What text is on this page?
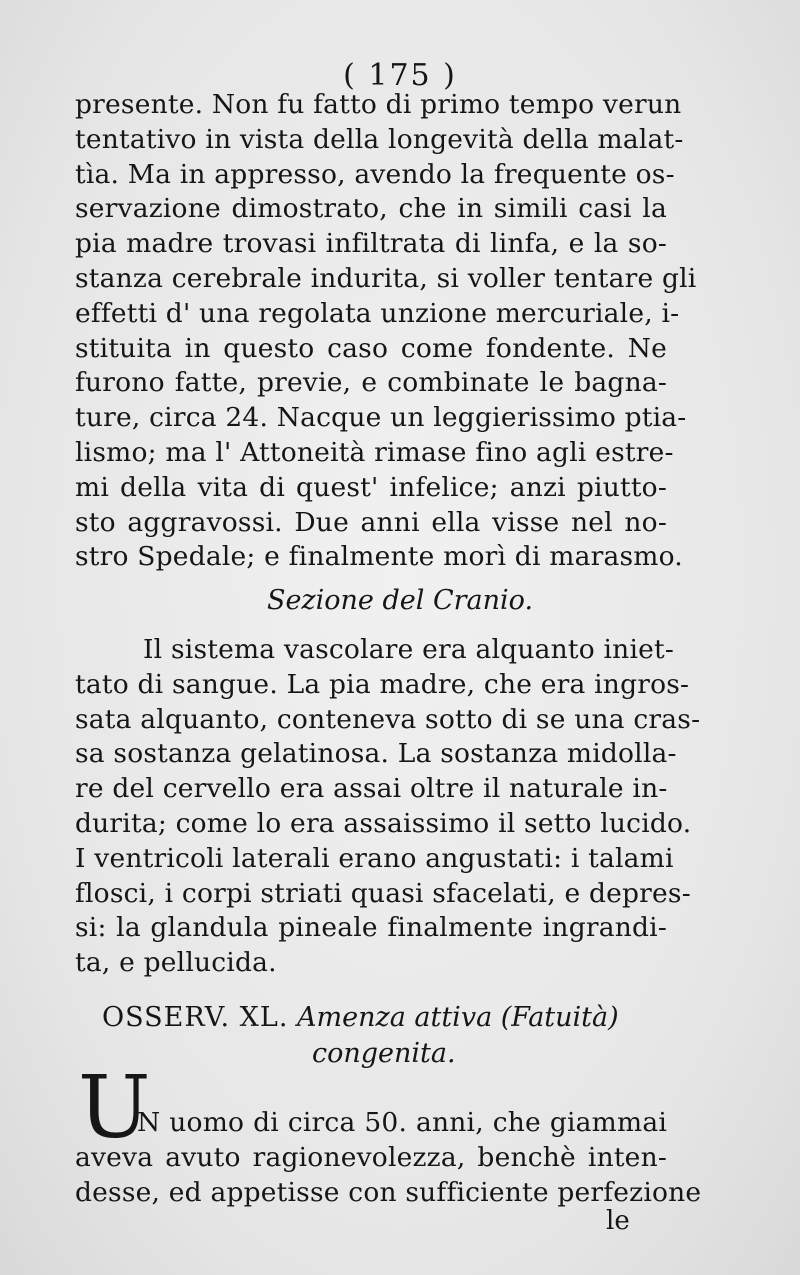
( 175 )
presente. Non fu fatto di primo tempo verun
tentativo in vista della longevità della malat-
tìa. Ma in appresso, avendo la frequente os-
servazione dimostrato, che in simili casi la
pia madre trovasi infiltrata di linfa, e la so-
stanza cerebrale indurita, si voller tentare gli
effetti d' una regolata unzione mercuriale, i-
stituita in questo caso come fondente. Ne
furono fatte, previe, e combinate le bagna-
ture, circa 24. Nacque un leggierissimo ptia-
lismo; ma l' Attoneità rimase fino agli estre-
mi della vita di quest' infelice; anzi piutto-
sto aggravossi. Due anni ella visse nel no-
stro Spedale; e finalmente morì di marasmo.
Sezione del Cranio.
Il sistema vascolare era alquanto iniet-
tato di sangue. La pia madre, che era ingros-
sata alquanto, conteneva sotto di se una cras-
sa sostanza gelatinosa. La sostanza midolla-
re del cervello era assai oltre il naturale in-
durita; come lo era assaissimo il setto lucido.
I ventricoli laterali erano angustati: i talami
flosci, i corpi striati quasi sfacelati, e depres-
si: la glandula pineale finalmente ingrandi-
ta, e pellucida.
OSSERV. XL. Amenza attiva (Fatuità)
congenita.
U
N uomo di circa 50. anni, che giammai
aveva avuto ragionevolezza, benchè inten-
desse, ed appetisse con sufficiente perfezione
le
